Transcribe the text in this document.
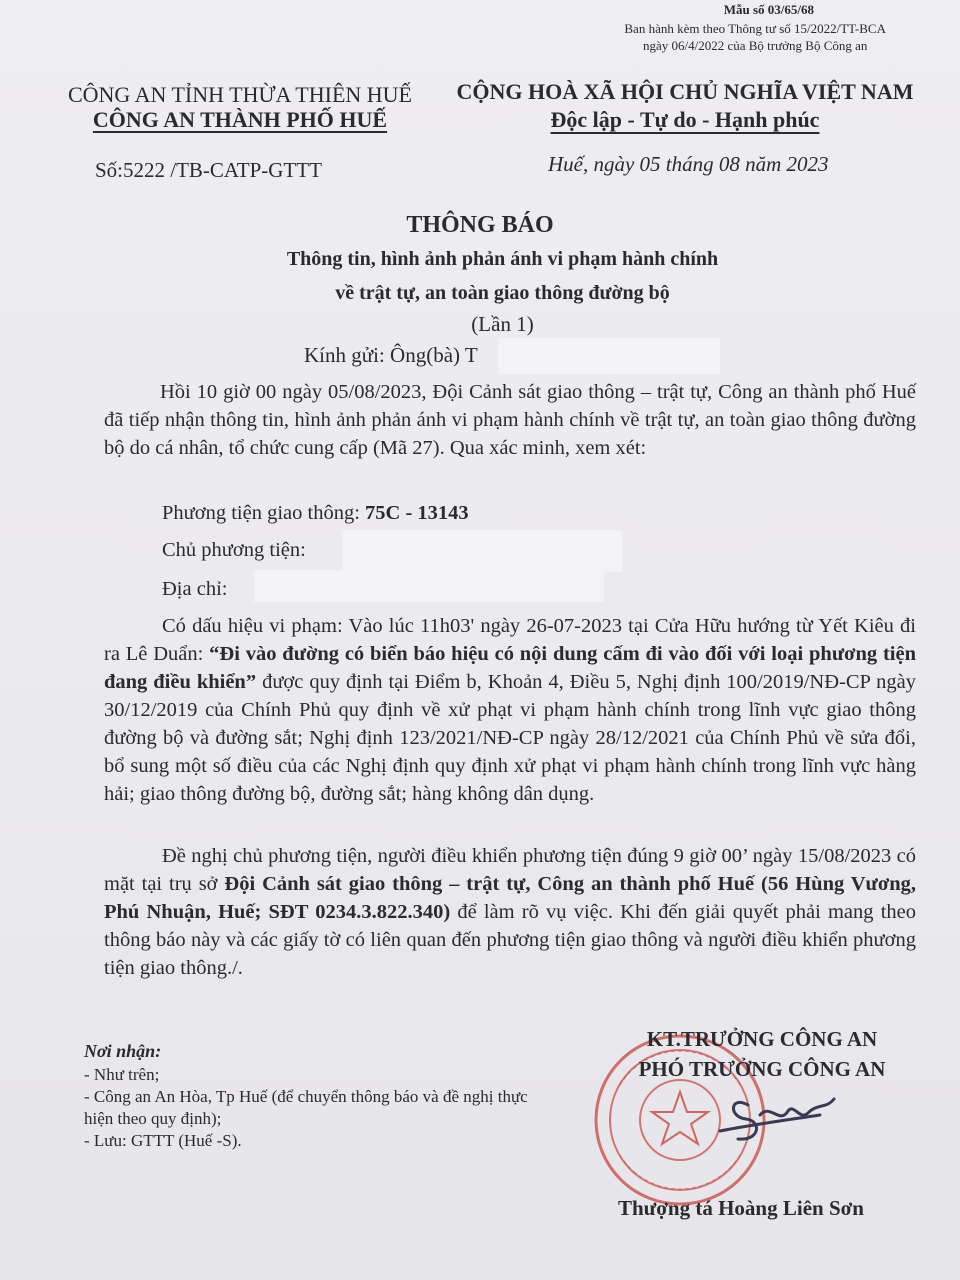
Mẫu số 03/65/68
Ban hành kèm theo Thông tư số 15/2022/TT-BCA
ngày 06/4/2022 của Bộ trưởng Bộ Công an
CÔNG AN TỈNH THỪA THIÊN HUẾ
CÔNG AN THÀNH PHỐ HUẾ
CỘNG HOÀ XÃ HỘI CHỦ NGHĨA VIỆT NAM
Độc lập - Tự do - Hạnh phúc
Số:5222 /TB-CATP-GTTT	Huế, ngày 05 tháng 08 năm 2023
THÔNG BÁO
Thông tin, hình ảnh phản ánh vi phạm hành chính
về trật tự, an toàn giao thông đường bộ
(Lần 1)
Kính gửi: Ông(bà) T
Hồi 10 giờ 00 ngày 05/08/2023, Đội Cảnh sát giao thông – trật tự, Công an thành phố Huế đã tiếp nhận thông tin, hình ảnh phản ánh vi phạm hành chính về trật tự, an toàn giao thông đường bộ do cá nhân, tổ chức cung cấp (Mã 27). Qua xác minh, xem xét:
Phương tiện giao thông: 75C - 13143
Chủ phương tiện:
Địa chỉ:
Có dấu hiệu vi phạm: Vào lúc 11h03' ngày 26-07-2023 tại Cửa Hữu hướng từ Yết Kiêu đi ra Lê Duẩn: “Đi vào đường có biển báo hiệu có nội dung cấm đi vào đối với loại phương tiện đang điều khiển” được quy định tại Điểm b, Khoản 4, Điều 5, Nghị định 100/2019/NĐ-CP ngày 30/12/2019 của Chính Phủ quy định về xử phạt vi phạm hành chính trong lĩnh vực giao thông đường bộ và đường sắt; Nghị định 123/2021/NĐ-CP ngày 28/12/2021 của Chính Phủ về sửa đổi, bổ sung một số điều của các Nghị định quy định xử phạt vi phạm hành chính trong lĩnh vực hàng hải; giao thông đường bộ, đường sắt; hàng không dân dụng.
Đề nghị chủ phương tiện, người điều khiển phương tiện đúng 9 giờ 00’ ngày 15/08/2023 có mặt tại trụ sở Đội Cảnh sát giao thông – trật tự, Công an thành phố Huế (56 Hùng Vương, Phú Nhuận, Huế; SĐT 0234.3.822.340) để làm rõ vụ việc. Khi đến giải quyết phải mang theo thông báo này và các giấy tờ có liên quan đến phương tiện giao thông và người điều khiển phương tiện giao thông./.
Nơi nhận:
- Như trên;
- Công an An Hòa, Tp Huế (để chuyển thông báo và đề nghị thực hiện theo quy định);
- Lưu: GTTT (Huế -S).
KT.TRƯỞNG CÔNG AN
PHÓ TRƯỞNG CÔNG AN
Thượng tá Hoàng Liên Sơn
